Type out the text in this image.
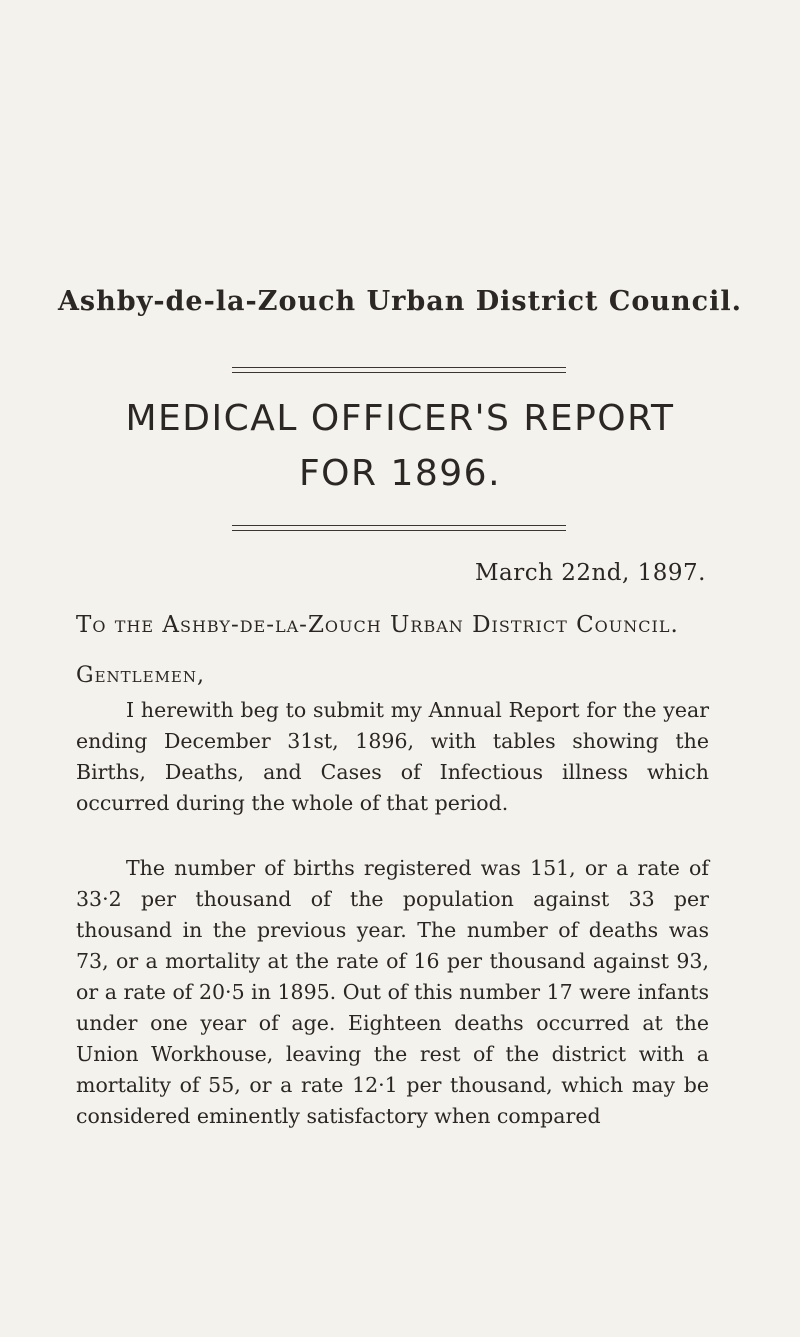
Ashby-de-la-Zouch Urban District Council.
MEDICAL OFFICER'S REPORT
FOR 1896.
March 22nd, 1897.
To the Ashby-de-la-Zouch Urban District Council.
Gentlemen,

I herewith beg to submit my Annual Report for the year ending December 31st, 1896, with tables showing the Births, Deaths, and Cases of Infectious illness which occurred during the whole of that period.

The number of births registered was 151, or a rate of 33·2 per thousand of the population against 33 per thousand in the previous year. The number of deaths was 73, or a mortality at the rate of 16 per thousand against 93, or a rate of 20·5 in 1895. Out of this number 17 were infants under one year of age. Eighteen deaths occurred at the Union Workhouse, leaving the rest of the district with a mortality of 55, or a rate 12·1 per thousand, which may be considered eminently satisfactory when compared
